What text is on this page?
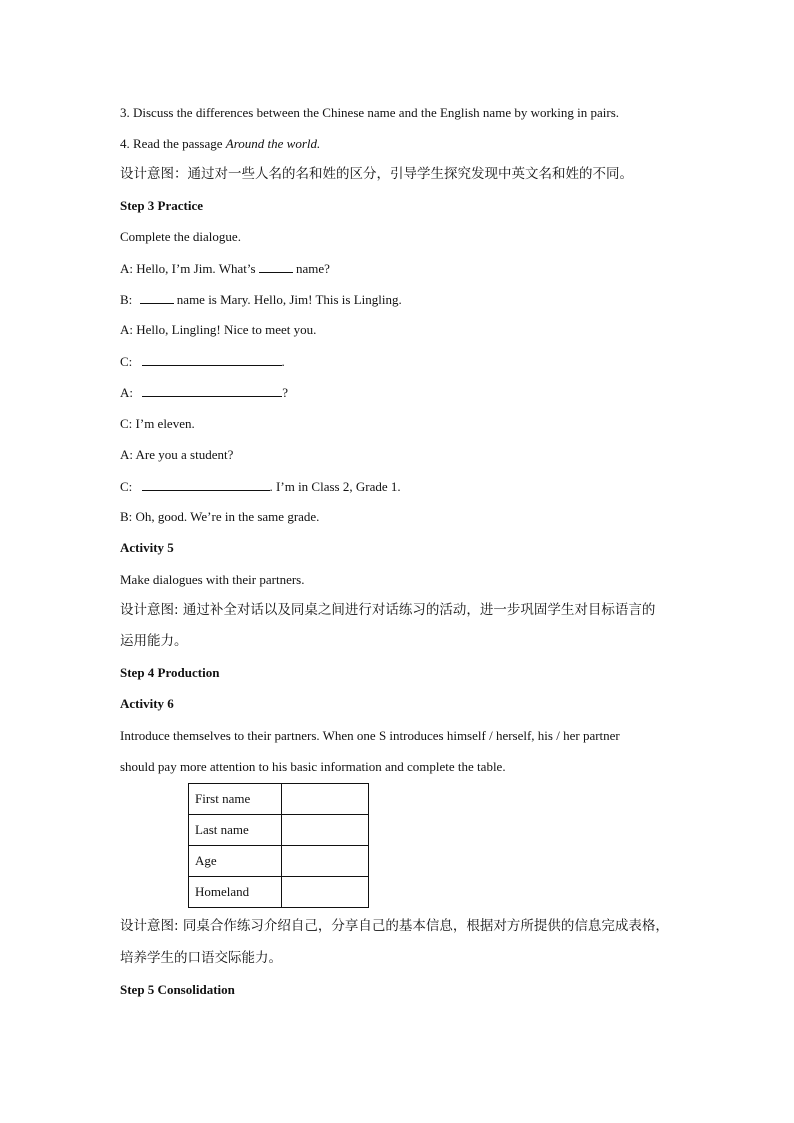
3. Discuss the differences between the Chinese name and the English name by working in pairs.
4. Read the passage Around the world.
设计意图：通过对一些人名的名和姓的区分，引导学生探究发现中英文名和姓的不同。
Step 3 Practice
Complete the dialogue.
A: Hello, I’m Jim. What’s	name?
B:	name is Mary. Hello, Jim! This is Lingling.
A: Hello, Lingling! Nice to meet you.
C:	.
A:	?
C: I’m eleven.
A: Are you a student?
C:	. I’m in Class 2, Grade 1.
B: Oh, good. We’re in the same grade.
Activity 5
Make dialogues with their partners.
设计意图: 通过补全对话以及同桌之间进行对话练习的活动，进一步巩固学生对目标语言的
运用能力。
Step 4 Production
Activity 6
Introduce themselves to their partners. When one S introduces himself / herself, his / her partner
should pay more attention to his basic information and complete the table.
First name	
Last name	
Age	
Homeland	
设计意图: 同桌合作练习介绍自己，分享自己的基本信息，根据对方所提供的信息完成表格，
培养学生的口语交际能力。
Step 5 Consolidation
